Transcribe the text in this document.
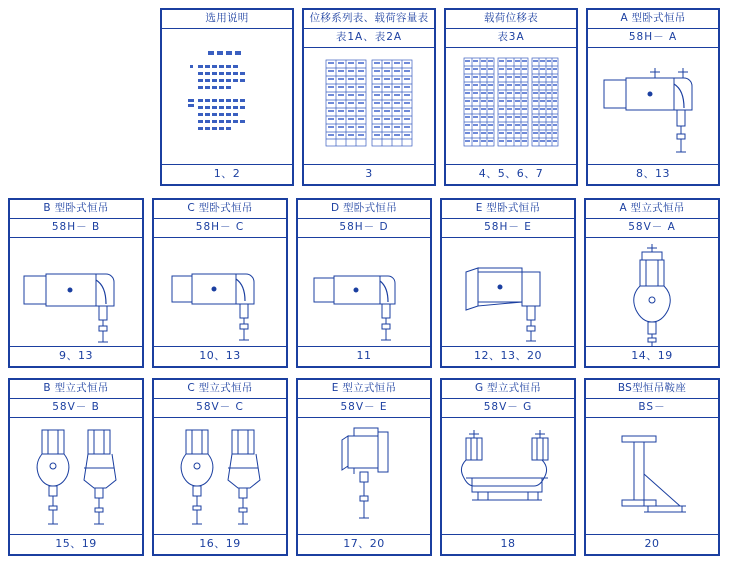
选用说明
1、2
位移系列表、载荷容量表
表1A、表2A
3
载荷位移表
表3A
4、5、6、7
A 型卧式恒吊
58H－ A
8、13
B 型卧式恒吊
58H－ B
9、13
C 型卧式恒吊
58H－ C
10、13
D 型卧式恒吊
58H－ D
11
E 型卧式恒吊
58H－ E
12、13、20
A 型立式恒吊
58V－ A
14、19
B 型立式恒吊
58V－ B
15、19
C 型立式恒吊
58V－ C
16、19
E 型立式恒吊
58V－ E
17、20
G 型立式恒吊
58V－ G
18
BS型恒吊鞍座
BS－
20
